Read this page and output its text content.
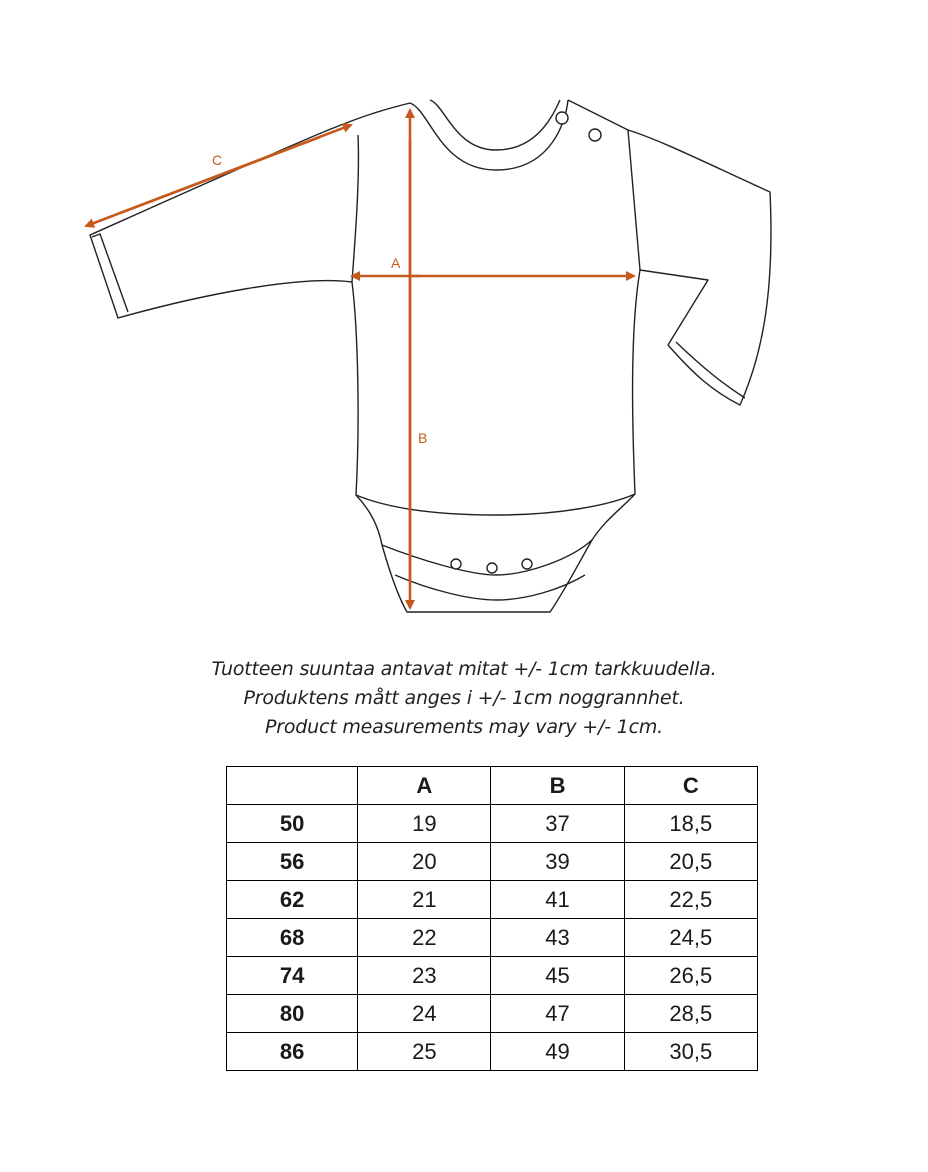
C
A
B
Tuotteen suuntaa antavat mitat +/- 1cm tarkkuudella.
Produktens mått anges i +/- 1cm noggrannhet.
Product measurements may vary +/- 1cm.
	A	B	C
50	19	37	18,5
56	20	39	20,5
62	21	41	22,5
68	22	43	24,5
74	23	45	26,5
80	24	47	28,5
86	25	49	30,5
